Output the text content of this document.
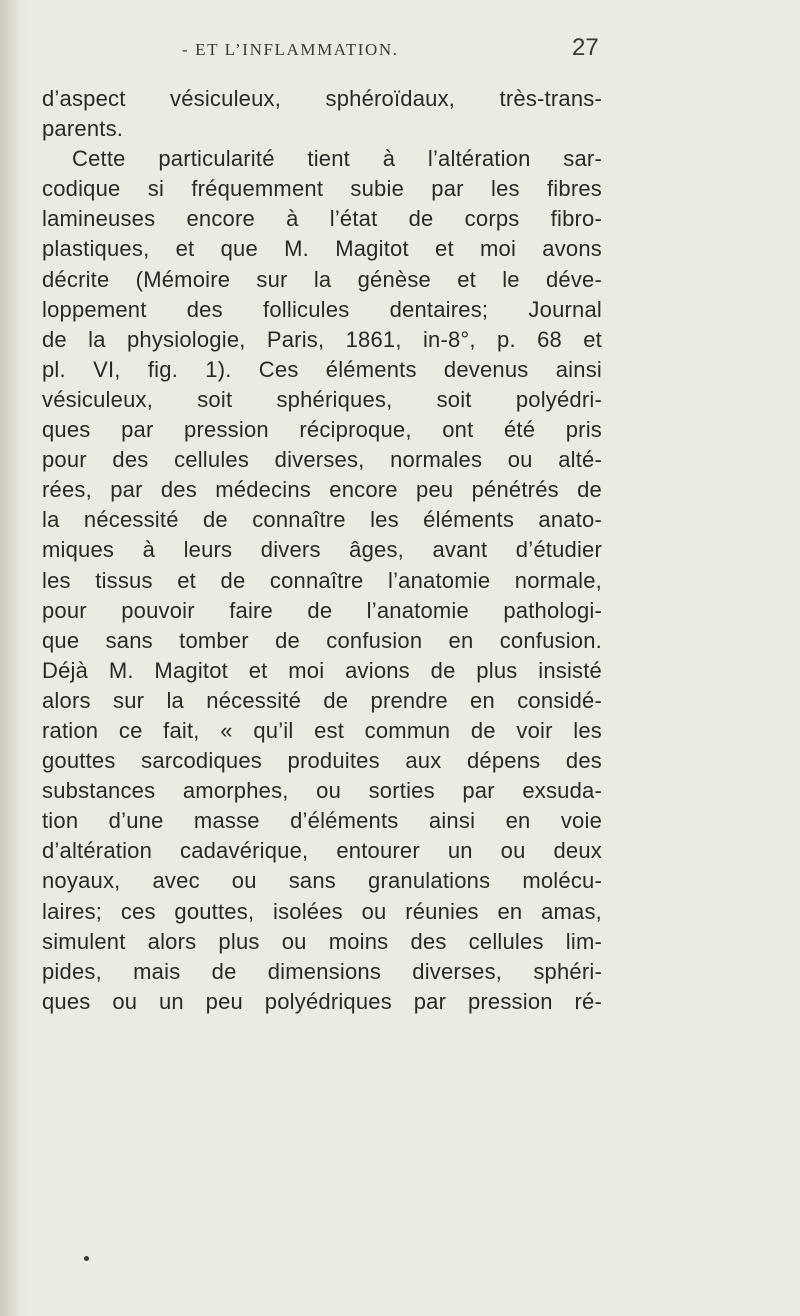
- ET L’INFLAMMATION.	27
d’aspect vésiculeux, sphéroïdaux, très-trans-
parents.
Cette particularité tient à l’altération sar-
codique si fréquemment subie par les fibres
lamineuses encore à l’état de corps fibro-
plastiques, et que M. Magitot et moi avons
décrite (Mémoire sur la génèse et le déve-
loppement des follicules dentaires; Journal
de la physiologie, Paris, 1861, in-8°, p. 68 et
pl. VI, fig. 1). Ces éléments devenus ainsi
vésiculeux, soit sphériques, soit polyédri-
ques par pression réciproque, ont été pris
pour des cellules diverses, normales ou alté-
rées, par des médecins encore peu pénétrés de
la nécessité de connaître les éléments anato-
miques à leurs divers âges, avant d’étudier
les tissus et de connaître l’anatomie normale,
pour pouvoir faire de l’anatomie pathologi-
que sans tomber de confusion en confusion.
Déjà M. Magitot et moi avions de plus insisté
alors sur la nécessité de prendre en considé-
ration ce fait, « qu’il est commun de voir les
gouttes sarcodiques produites aux dépens des
substances amorphes, ou sorties par exsuda-
tion d’une masse d’éléments ainsi en voie
d’altération cadavérique, entourer un ou deux
noyaux, avec ou sans granulations molécu-
laires; ces gouttes, isolées ou réunies en amas,
simulent alors plus ou moins des cellules lim-
pides, mais de dimensions diverses, sphéri-
ques ou un peu polyédriques par pression ré-
